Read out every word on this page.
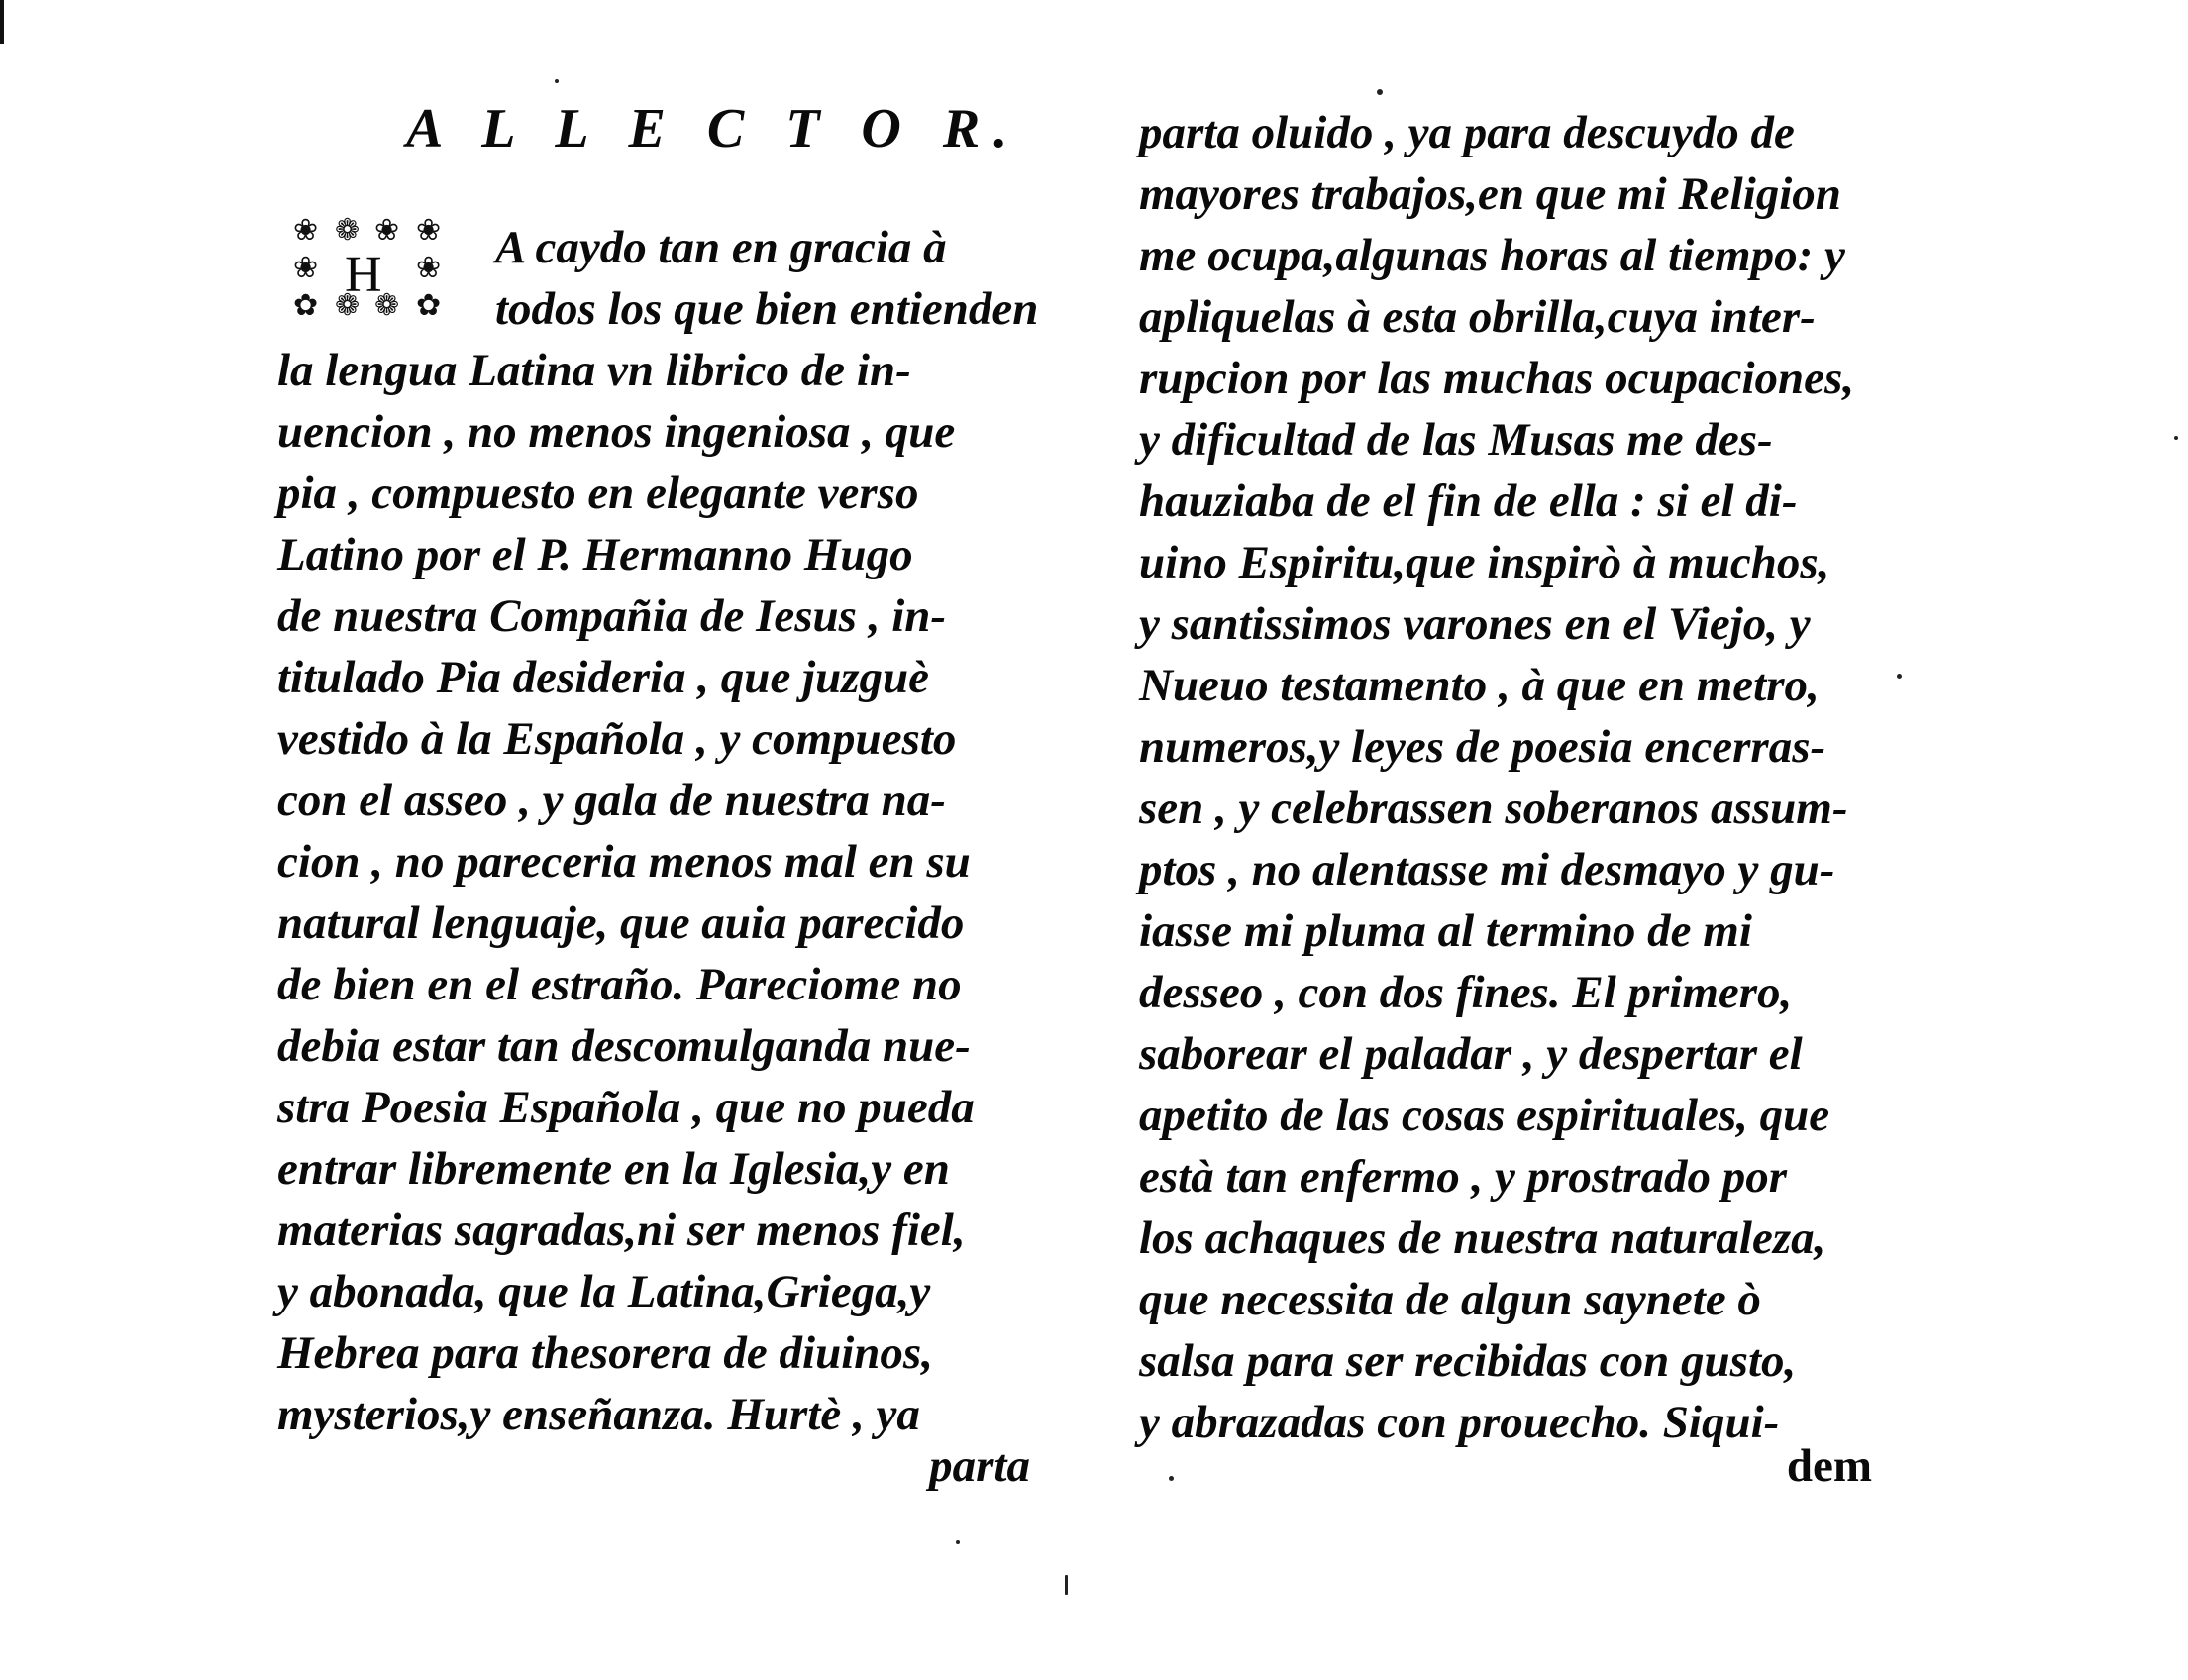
A L L E C T O R.
❀ ❁ ❀ ❀
❀	❀
✿ ❁ ❁ ✿
H A caydo tan en gracia à
todos los que bien entienden
la lengua Latina vn librico de in-
uencion , no menos ingeniosa , que
pia , compuesto en elegante verso
Latino por el P. Hermanno Hugo
de nuestra Compañia de Iesus , in-
titulado Pia desideria , que juzguè
vestido à la Española , y compuesto
con el asseo , y gala de nuestra na-
cion , no pareceria menos mal en su
natural lenguaje, que auia parecido
de bien en el estraño. Pareciome no
debia estar tan descomulganda nue-
stra Poesia Española , que no pueda
entrar libremente en la Iglesia,y en
materias sagradas,ni ser menos fiel,
y abonada, que la Latina,Griega,y
Hebrea para thesorera de diuinos,
mysterios,y enseñanza. Hurtè , ya
parta
parta oluido , ya para descuydo de
mayores trabajos,en que mi Religion
me ocupa,algunas horas al tiempo: y
apliquelas à esta obrilla,cuya inter-
rupcion por las muchas ocupaciones,
y dificultad de las Musas me des-
hauziaba de el fin de ella : si el di-
uino Espiritu,que inspirò à muchos,
y santissimos varones en el Viejo, y
Nueuo testamento , à que en metro,
numeros,y leyes de poesia encerras-
sen , y celebrassen soberanos assum-
ptos , no alentasse mi desmayo y gu-
iasse mi pluma al termino de mi
desseo , con dos fines. El primero,
saborear el paladar , y despertar el
apetito de las cosas espirituales, que
està tan enfermo , y prostrado por
los achaques de nuestra naturaleza,
que necessita de algun saynete ò
salsa para ser recibidas con gusto,
y abrazadas con prouecho. Siqui-
dem
